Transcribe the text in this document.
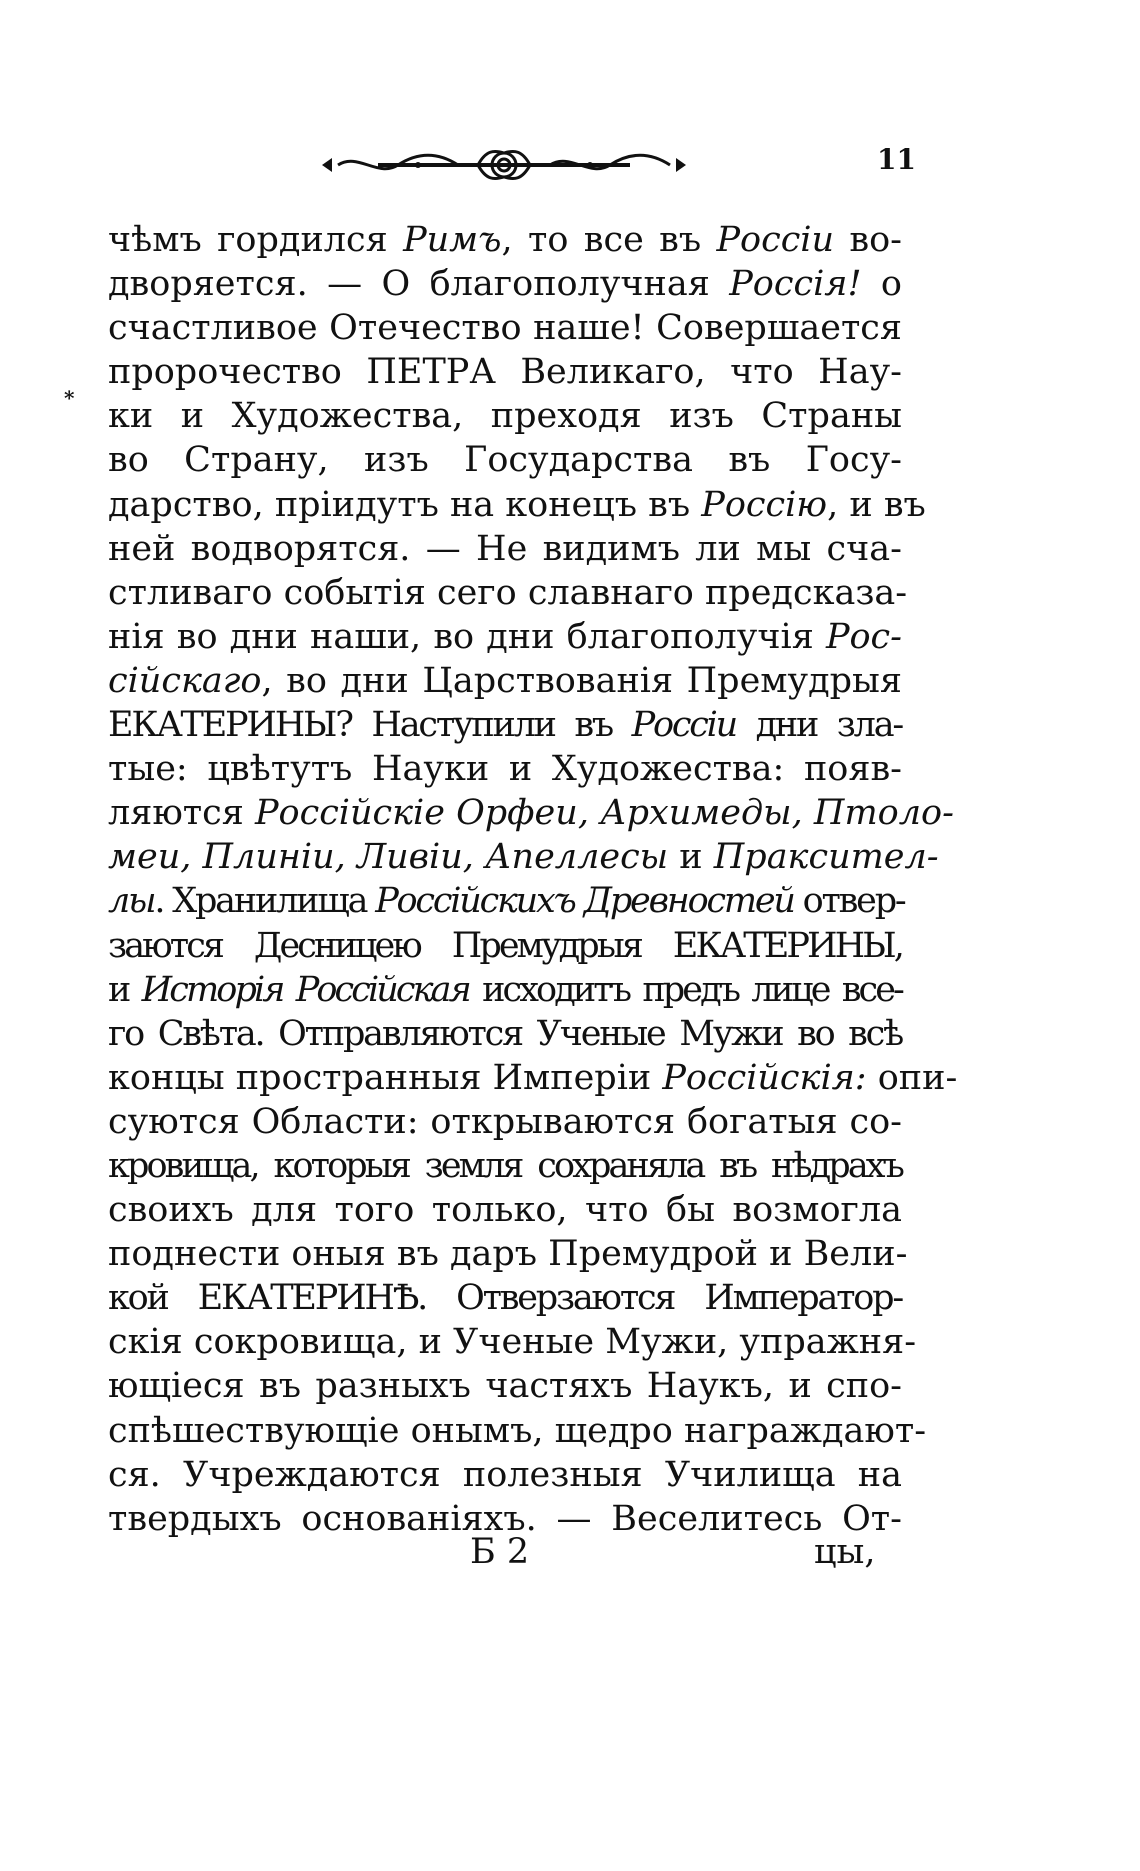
11
*
чѣмъ гордился Римъ, то все въ Россіи во-
дворяется. — О благополучная Россія! о
счастливое Отечество наше! Совершается
пророчество ПЕТРА Великаго, что Нау-
ки и Художества, преходя изъ Страны
во Страну, изъ Государства въ Госу-
дарство, пріидутъ на конецъ въ Россію, и въ
ней водворятся. — Не видимъ ли мы сча-
стливаго событія сего славнаго предсказа-
нія во дни наши, во дни благополучія Рос-
сійскаго, во дни Царствованія Премудрыя
ЕКАТЕРИНЫ? Наступили въ Россіи дни зла-
тые: цвѣтутъ Науки и Художества: появ-
ляются Россійскіе Орфеи, Архимеды, Птоло-
меи, Плиніи, Ливіи, Апеллесы и Праксител-
лы. Хранилища Россійскихъ Древностей отвер-
заются Десницею Премудрыя ЕКАТЕРИНЫ,
и Исторія Россійская исходитъ предъ лице все-
го Свѣта. Отправляются Ученые Мужи во всѣ
концы пространныя Имперіи Россійскія: опи-
суются Области: открываются богатыя со-
кровища, которыя земля сохраняла въ нѣдрахъ
своихъ для того только, что бы возмогла
поднести оныя въ даръ Премудрой и Вели-
кой ЕКАТЕРИНѢ. Отверзаются Император-
скія сокровища, и Ученые Мужи, упражня-
ющіеся въ разныхъ частяхъ Наукъ, и спо-
спѣшествующіе онымъ, щедро награждают-
ся. Учреждаются полезныя Училища на
твердыхъ основаніяхъ. — Веселитесь От-
Б 2	цы,
